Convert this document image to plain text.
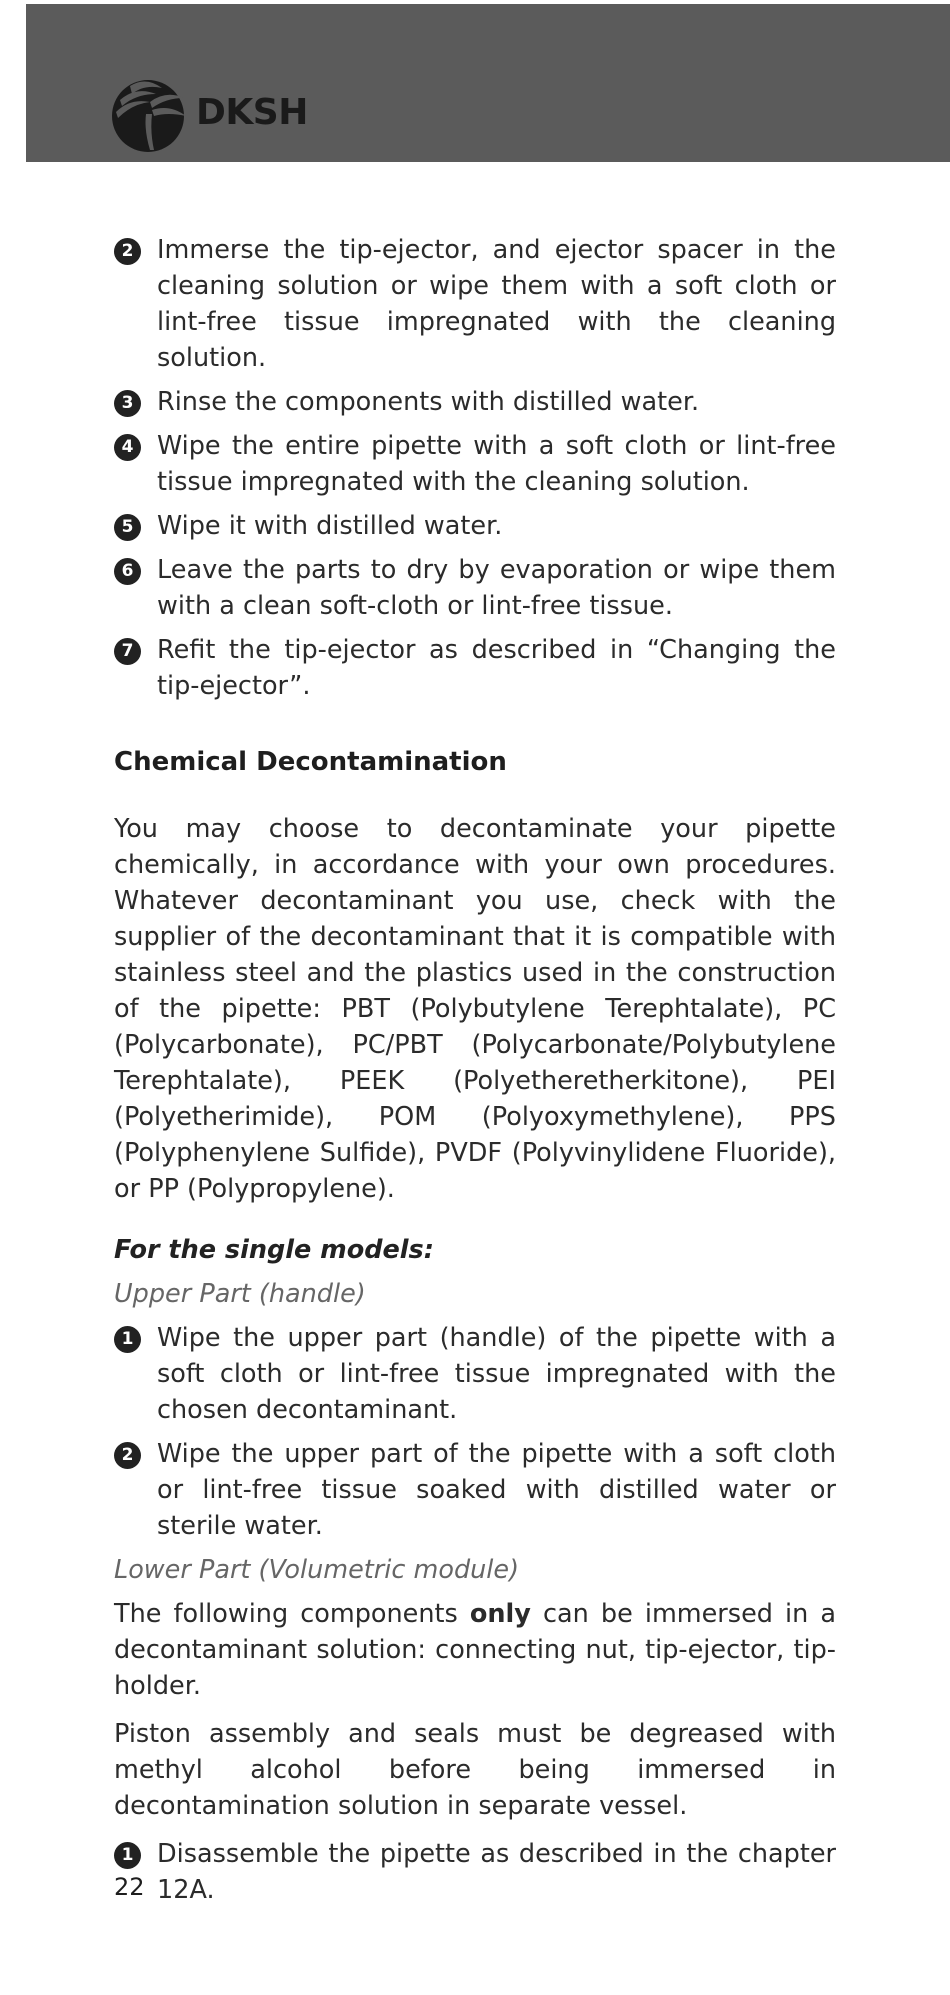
DKSH
2 Immerse the tip-ejector, and ejector spacer in the cleaning solution or wipe them with a soft cloth or lint-free tissue impregnated with the cleaning solution.
3 Rinse the components with distilled water.
4 Wipe the entire pipette with a soft cloth or lint-free tissue impregnated with the cleaning solution.
5 Wipe it with distilled water.
6 Leave the parts to dry by evaporation or wipe them with a clean soft-cloth or lint-free tissue.
7 Refit the tip-ejector as described in “Changing the tip-ejector”.
Chemical Decontamination

You may choose to decontaminate your pipette chemically, in accordance with your own procedures. Whatever decontaminant you use, check with the supplier of the decontaminant that it is compatible with stainless steel and the plastics used in the construction of the pipette: PBT (Polybutylene Terephtalate), PC (Polycarbonate), PC/PBT (Polycarbonate/Polybutylene Terephtalate), PEEK (Polyetheretherkitone), PEI (Polyetherimide), POM (Polyoxymethylene), PPS (Polyphenylene Sulfide), PVDF (Polyvinylidene Fluoride), or PP (Polypropylene).

For the single models:
Upper Part (handle)
1 Wipe the upper part (handle) of the pipette with a soft cloth or lint-free tissue impregnated with the chosen decontaminant.
2 Wipe the upper part of the pipette with a soft cloth or lint-free tissue soaked with distilled water or sterile water.
Lower Part (Volumetric module)

The following components only can be immersed in a decontaminant solution: connecting nut, tip-ejector, tip-holder.

Piston assembly and seals must be degreased with methyl alcohol before being immersed in decontamination solution in separate vessel.

1 Disassemble the pipette as described in the chapter 12A.
22
